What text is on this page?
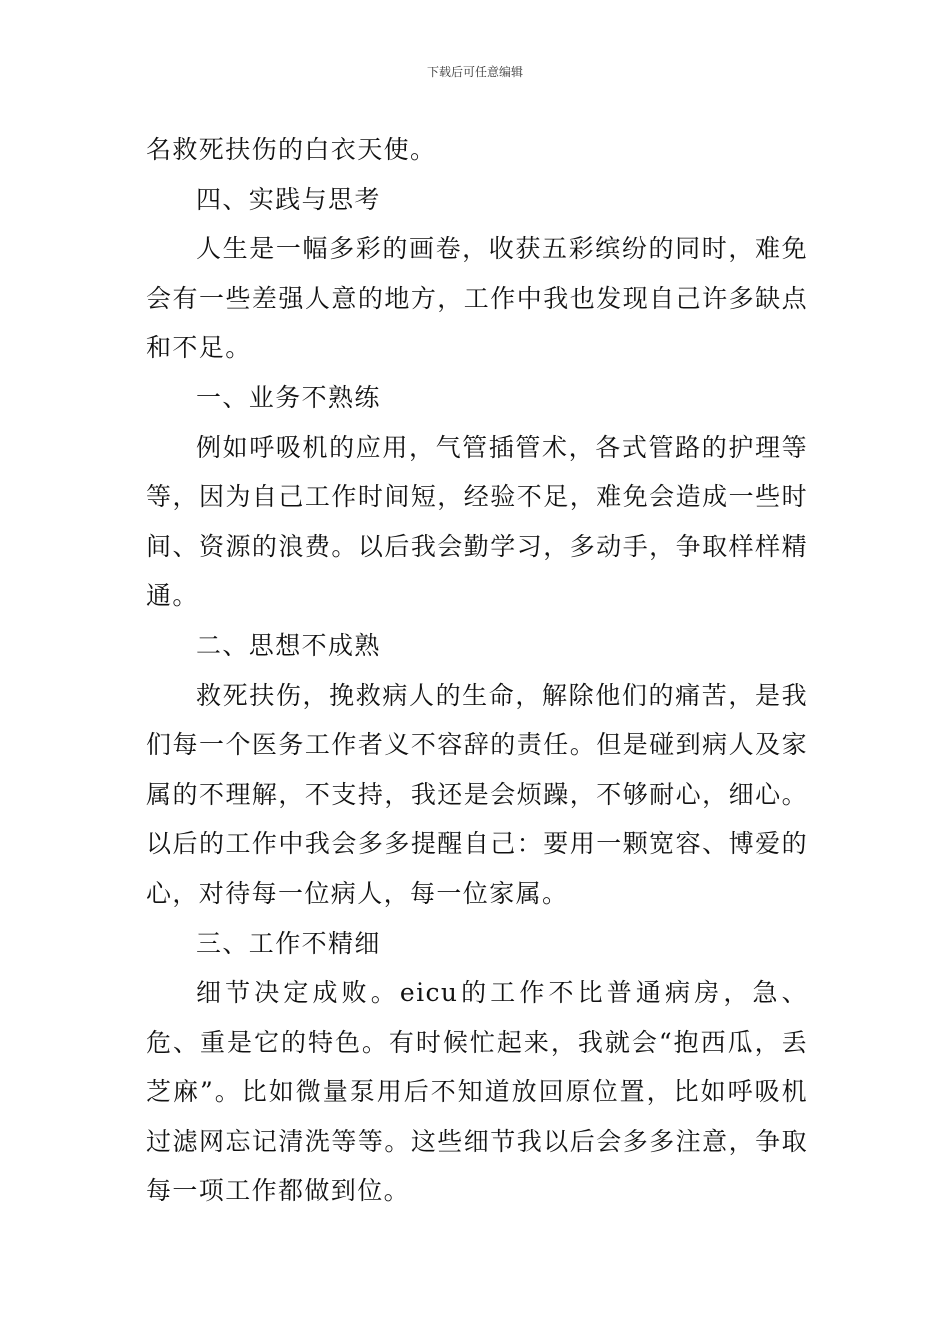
下载后可任意编辑

名救死扶伤的白衣天使。

四、实践与思考

人生是一幅多彩的画卷，收获五彩缤纷的同时，难免会有一些差强人意的地方，工作中我也发现自己许多缺点和不足。

一、业务不熟练

例如呼吸机的应用，气管插管术，各式管路的护理等等，因为自己工作时间短，经验不足，难免会造成一些时间、资源的浪费。以后我会勤学习，多动手，争取样样精通。

二、思想不成熟

救死扶伤，挽救病人的生命，解除他们的痛苦，是我们每一个医务工作者义不容辞的责任。但是碰到病人及家属的不理解，不支持，我还是会烦躁，不够耐心，细心。以后的工作中我会多多提醒自己：要用一颗宽容、博爱的心，对待每一位病人，每一位家属。

三、工作不精细

细节决定成败。eicu的工作不比普通病房，急、危、重是它的特色。有时候忙起来，我就会“抱西瓜，丢芝麻”。比如微量泵用后不知道放回原位置，比如呼吸机过滤网忘记清洗等等。这些细节我以后会多多注意，争取每一项工作都做到位。
